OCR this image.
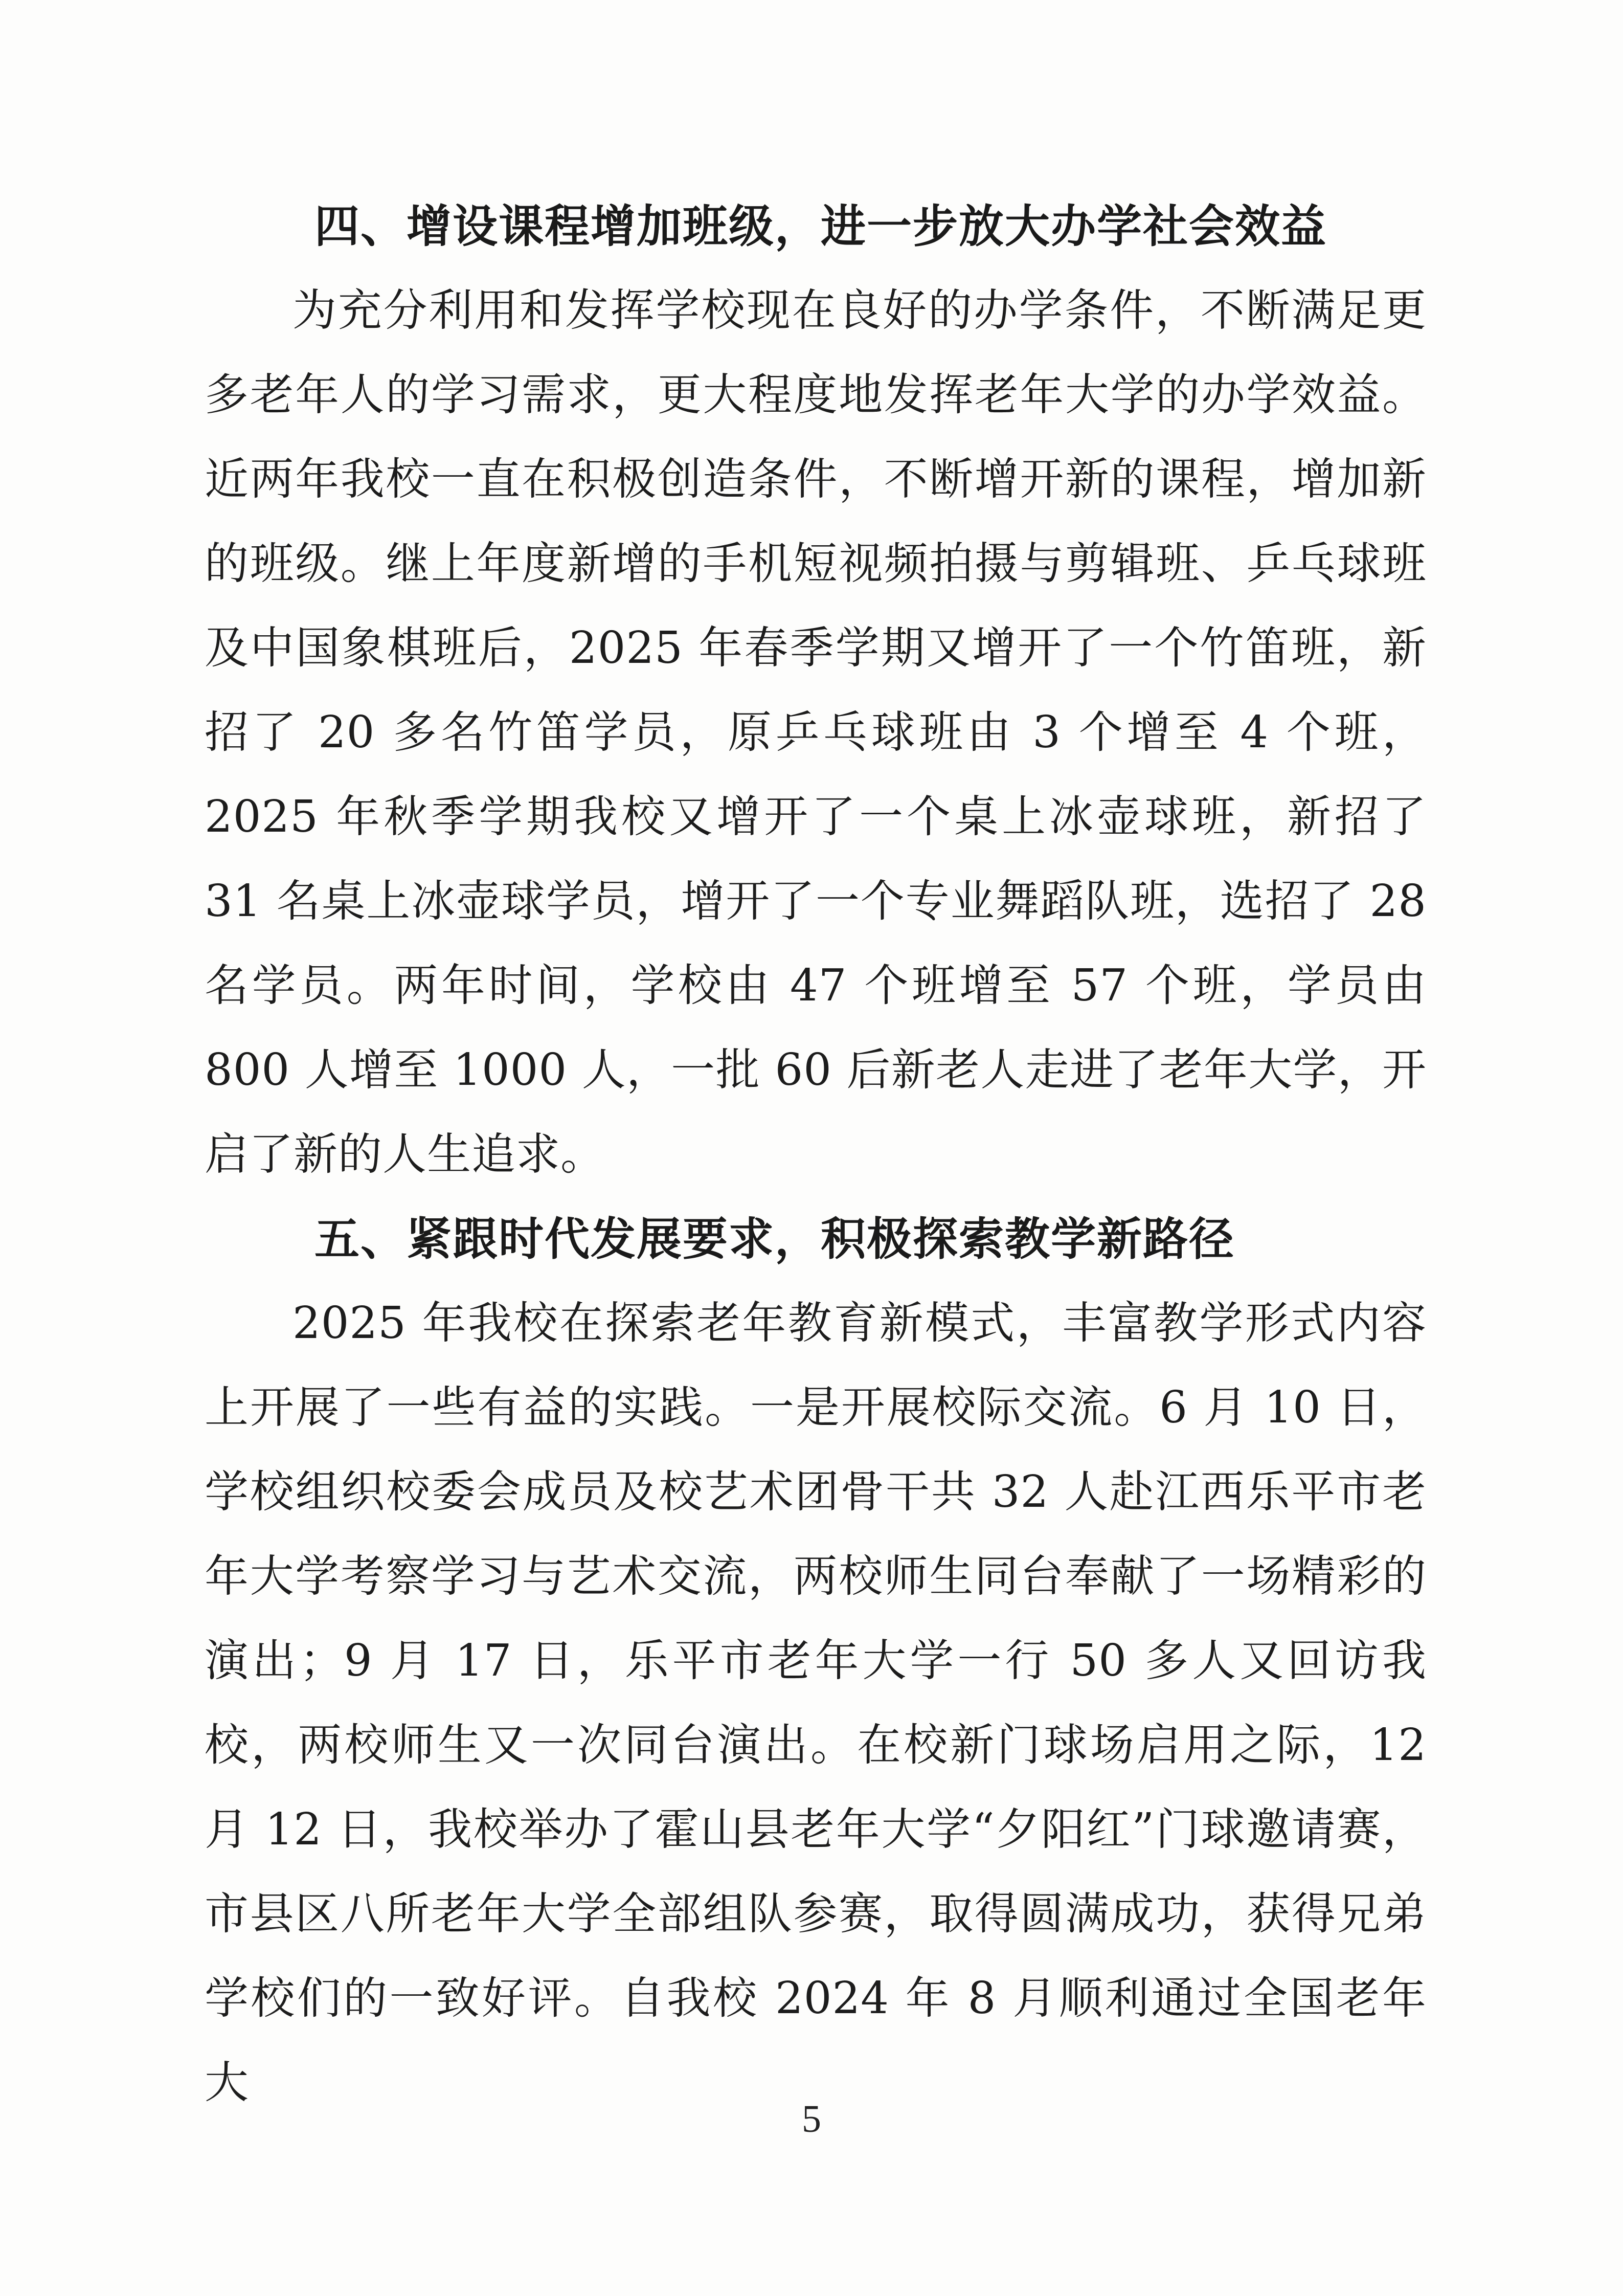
四、增设课程增加班级，进一步放大办学社会效益

为充分利用和发挥学校现在良好的办学条件，不断满足更多老年人的学习需求，更大程度地发挥老年大学的办学效益。近两年我校一直在积极创造条件，不断增开新的课程，增加新的班级。继上年度新增的手机短视频拍摄与剪辑班、乒乓球班及中国象棋班后，2025 年春季学期又增开了一个竹笛班，新招了 20 多名竹笛学员，原乒乓球班由 3 个增至 4 个班，2025 年秋季学期我校又增开了一个桌上冰壶球班，新招了 31 名桌上冰壶球学员，增开了一个专业舞蹈队班，选招了 28 名学员。两年时间，学校由 47 个班增至 57 个班，学员由 800 人增至 1000 人，一批 60 后新老人走进了老年大学，开启了新的人生追求。

五、紧跟时代发展要求，积极探索教学新路径

2025 年我校在探索老年教育新模式，丰富教学形式内容上开展了一些有益的实践。一是开展校际交流。6 月 10 日，学校组织校委会成员及校艺术团骨干共 32 人赴江西乐平市老年大学考察学习与艺术交流，两校师生同台奉献了一场精彩的演出；9 月 17 日，乐平市老年大学一行 50 多人又回访我校，两校师生又一次同台演出。在校新门球场启用之际，12 月 12 日，我校举办了霍山县老年大学“夕阳红”门球邀请赛，市县区八所老年大学全部组队参赛，取得圆满成功，获得兄弟学校们的一致好评。自我校 2024 年 8 月顺利通过全国老年大

5
